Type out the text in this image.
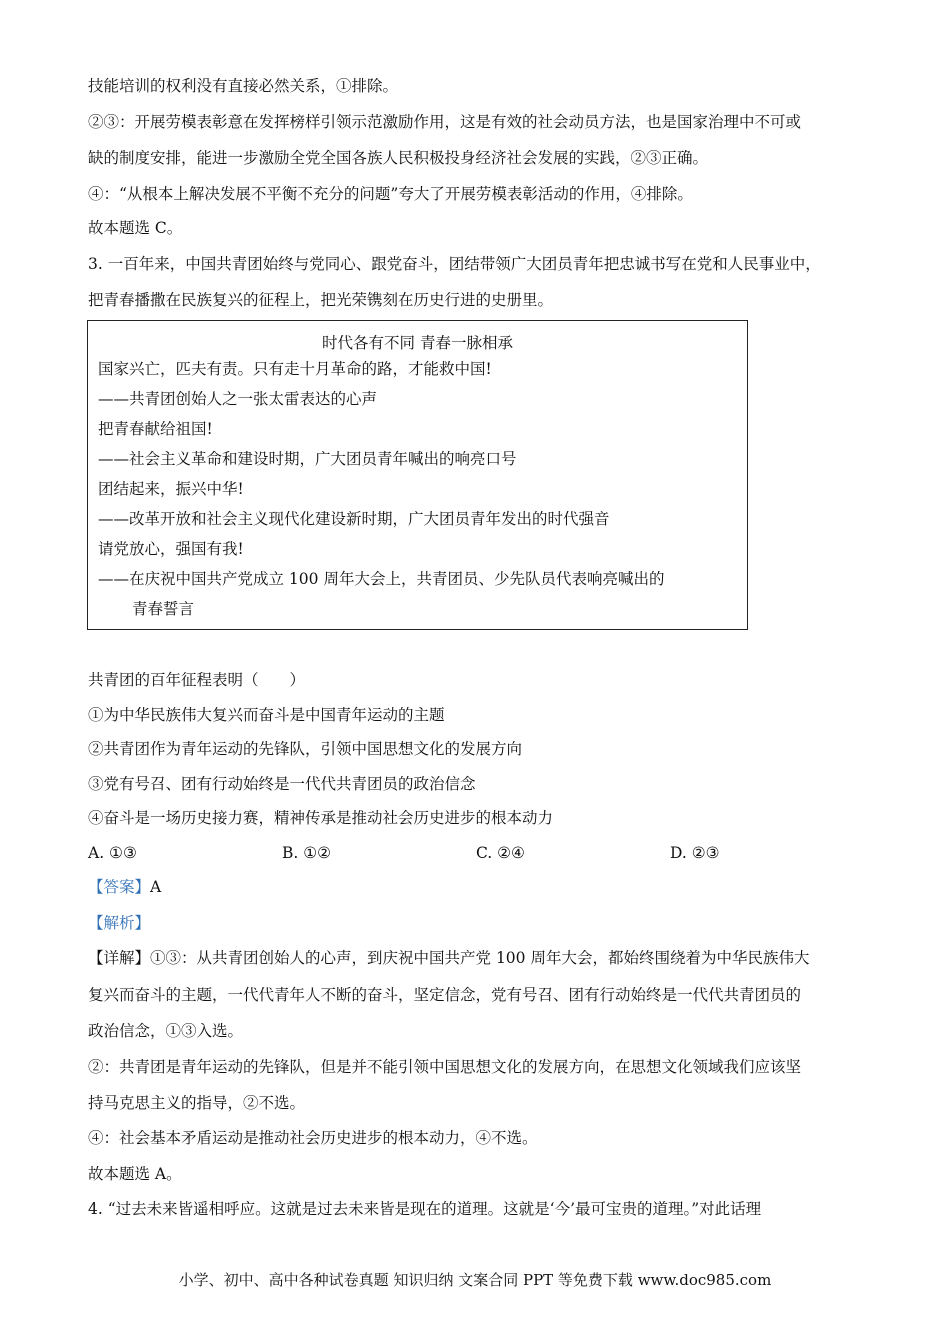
技能培训的权利没有直接必然关系，①排除。
②③：开展劳模表彰意在发挥榜样引领示范激励作用，这是有效的社会动员方法，也是国家治理中不可或
缺的制度安排，能进一步激励全党全国各族人民积极投身经济社会发展的实践，②③正确。
④：“从根本上解决发展不平衡不充分的问题”夸大了开展劳模表彰活动的作用，④排除。
故本题选 C。
3. 一百年来，中国共青团始终与党同心、跟党奋斗，团结带领广大团员青年把忠诚书写在党和人民事业中，
把青春播撒在民族复兴的征程上，把光荣镌刻在历史行进的史册里。
时代各有不同 青春一脉相承
国家兴亡，匹夫有责。只有走十月革命的路，才能救中国!
——共青团创始人之一张太雷表达的心声
把青春献给祖国!
——社会主义革命和建设时期，广大团员青年喊出的响亮口号
团结起来，振兴中华!
——改革开放和社会主义现代化建设新时期，广大团员青年发出的时代强音
请党放心，强国有我!
——在庆祝中国共产党成立 100 周年大会上，共青团员、少先队员代表响亮喊出的
青春誓言
共青团的百年征程表明（　　）
①为中华民族伟大复兴而奋斗是中国青年运动的主题
②共青团作为青年运动的先锋队，引领中国思想文化的发展方向
③党有号召、团有行动始终是一代代共青团员的政治信念
④奋斗是一场历史接力赛，精神传承是推动社会历史进步的根本动力
A. ①③	B. ①②	C. ②④	D. ②③
【答案】A
【解析】
【详解】①③：从共青团创始人的心声，到庆祝中国共产党 100 周年大会，都始终围绕着为中华民族伟大
复兴而奋斗的主题，一代代青年人不断的奋斗，坚定信念，党有号召、团有行动始终是一代代共青团员的
政治信念，①③入选。
②：共青团是青年运动的先锋队，但是并不能引领中国思想文化的发展方向，在思想文化领域我们应该坚
持马克思主义的指导，②不选。
④：社会基本矛盾运动是推动社会历史进步的根本动力，④不选。
故本题选 A。
4. “过去未来皆遥相呼应。这就是过去未来皆是现在的道理。这就是‘今’最可宝贵的道理。”对此话理
小学、初中、高中各种试卷真题 知识归纳 文案合同 PPT 等免费下载 www.doc985.com
